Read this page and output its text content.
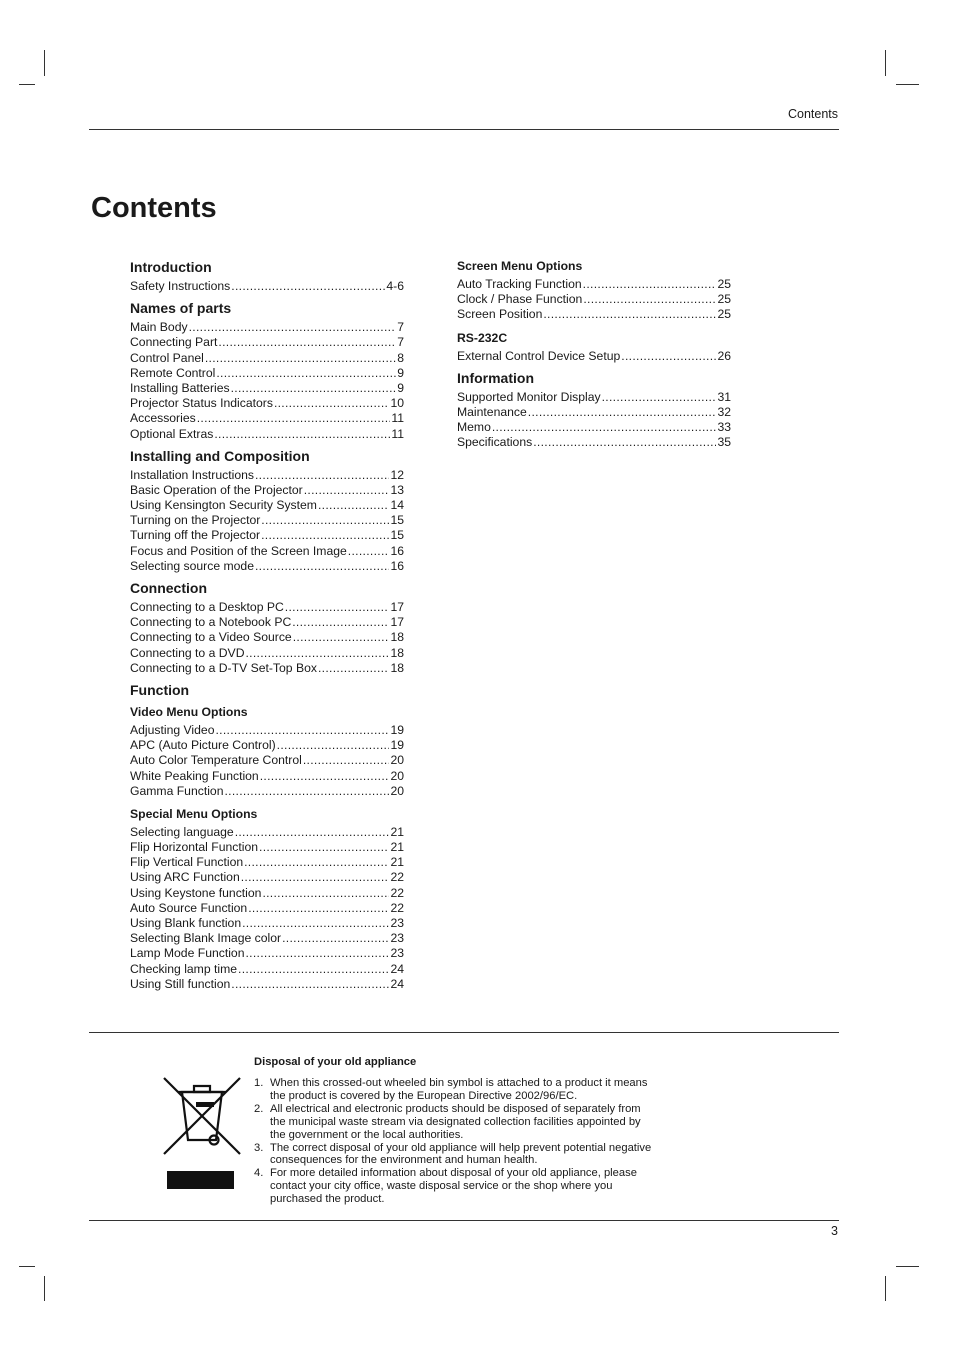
Contents
Contents
Introduction
Safety Instructions .....	4-6
Names of parts
Main Body .....	7
Connecting Part .....	7
Control Panel .....	8
Remote Control .....	9
Installing Batteries .....	9
Projector Status Indicators .....	10
Accessories .....	11
Optional Extras .....	11
Installing and Composition
Installation Instructions .....	12
Basic Operation of the Projector .....	13
Using Kensington Security System .....	14
Turning on the Projector .....	15
Turning off the Projector .....	15
Focus and Position of the Screen Image .....	16
Selecting source mode .....	16
Connection
Connecting to a Desktop PC .....	17
Connecting to a Notebook PC .....	17
Connecting to a Video Source .....	18
Connecting to a DVD .....	18
Connecting to a D-TV Set-Top Box .....	18
Function
Video Menu Options
Adjusting Video .....	19
APC (Auto Picture Control) .....	19
Auto Color Temperature Control .....	20
White Peaking Function .....	20
Gamma Function .....	20
Special Menu Options
Selecting language .....	21
Flip Horizontal Function .....	21
Flip Vertical Function .....	21
Using ARC Function .....	22
Using Keystone function .....	22
Auto Source Function .....	22
Using Blank function .....	23
Selecting Blank Image color .....	23
Lamp Mode Function .....	23
Checking lamp time .....	24
Using Still function .....	24
Screen Menu Options
Auto Tracking Function .....	25
Clock / Phase Function .....	25
Screen Position .....	25
RS-232C
External Control Device Setup .....	26
Information
Supported Monitor Display .....	31
Maintenance .....	32
Memo .....	33
Specifications .....	35
Disposal of your old appliance
1. When this crossed-out wheeled bin symbol is attached to a product it means the product is covered by the European Directive 2002/96/EC.
2. All electrical and electronic products should be disposed of separately from the municipal waste stream via designated collection facilities appointed by the government or the local authorities.
3. The correct disposal of your old appliance will help prevent potential negative consequences for the environment and human health.
4. For more detailed information about disposal of your old appliance, please contact your city office, waste disposal service or the shop where you purchased the product.
3
